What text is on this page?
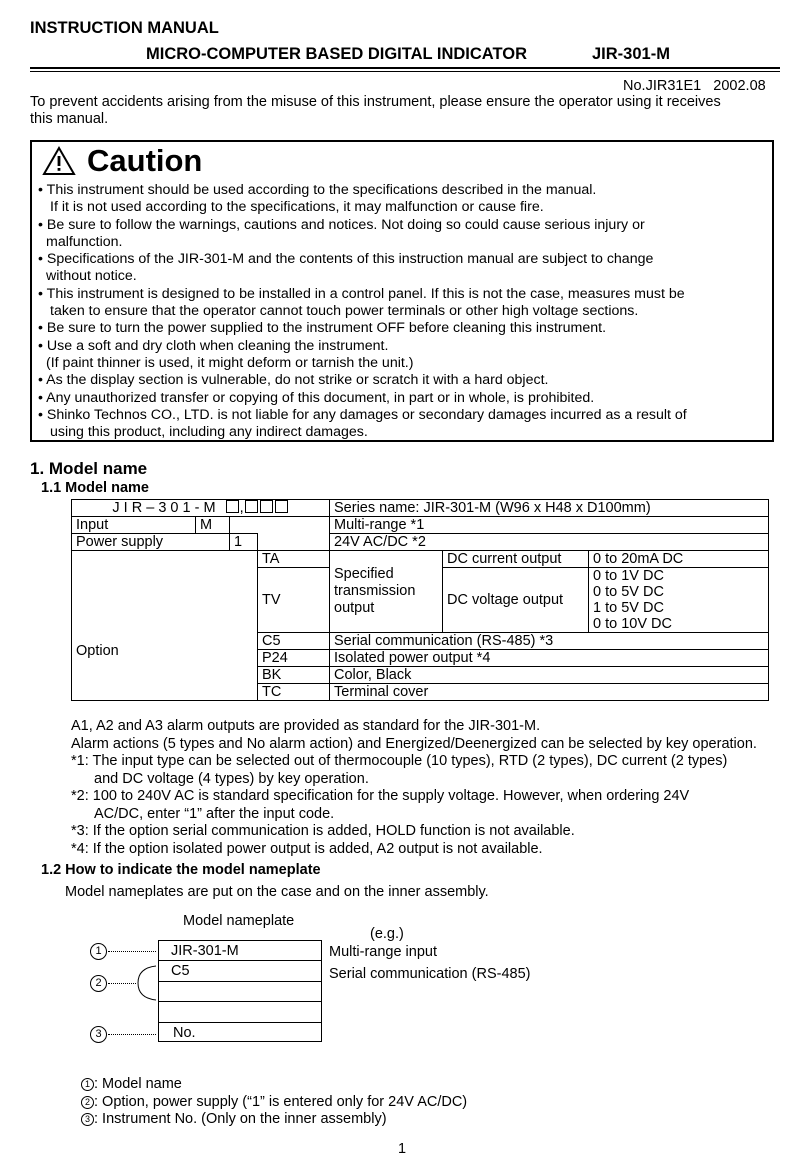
INSTRUCTION MANUAL
MICRO-COMPUTER BASED DIGITAL INDICATOR	JIR-301-M
No.JIR31E1 2002.08
To prevent accidents arising from the misuse of this instrument, please ensure the operator using it receives
this manual.
Caution
• This instrument should be used according to the specifications described in the manual.
If it is not used according to the specifications, it may malfunction or cause fire.
• Be sure to follow the warnings, cautions and notices. Not doing so could cause serious injury or
malfunction.
• Specifications of the JIR-301-M and the contents of this instruction manual are subject to change
without notice.
• This instrument is designed to be installed in a control panel. If this is not the case, measures must be
taken to ensure that the operator cannot touch power terminals or other high voltage sections.
• Be sure to turn the power supplied to the instrument OFF before cleaning this instrument.
• Use a soft and dry cloth when cleaning the instrument.
(If paint thinner is used, it might deform or tarnish the unit.)
• As the display section is vulnerable, do not strike or scratch it with a hard object.
• Any unauthorized transfer or copying of this document, in part or in whole, is prohibited.
• Shinko Technos CO., LTD. is not liable for any damages or secondary damages incurred as a result of
using this product, including any indirect damages.
1. Model name
1.1 Model name
J I R – 3 0 1 - M ,				Series name: JIR-301-M (W96 x H48 x D100mm)		
Input	M			Multi-range *1		
Power supply		1		24V AC/DC *2		
Option			TA	Specified transmission output	DC current output	0 to 20mA DC
			TV		DC voltage output	0 to 1V DC
						0 to 5V DC
						1 to 5V DC
						0 to 10V DC
			C5	Serial communication (RS-485) *3		
			P24	Isolated power output *4		
			BK	Color, Black		
			TC	Terminal cover		
A1, A2 and A3 alarm outputs are provided as standard for the JIR-301-M.
Alarm actions (5 types and No alarm action) and Energized/Deenergized can be selected by key operation.
*1: The input type can be selected out of thermocouple (10 types), RTD (2 types), DC current (2 types)
and DC voltage (4 types) by key operation.
*2: 100 to 240V AC is standard specification for the supply voltage. However, when ordering 24V
AC/DC, enter “1” after the input code.
*3: If the option serial communication is added, HOLD function is not available.
*4: If the option isolated power output is added, A2 output is not available.
1.2 How to indicate the model nameplate
Model nameplates are put on the case and on the inner assembly.
Model nameplate
(e.g.)
JIR-301-M
C5
No.
Multi-range input
Serial communication (RS-485)
1
2
3
1 : Model name
2 : Option, power supply (“1” is entered only for 24V AC/DC)
3 : Instrument No. (Only on the inner assembly)
1
